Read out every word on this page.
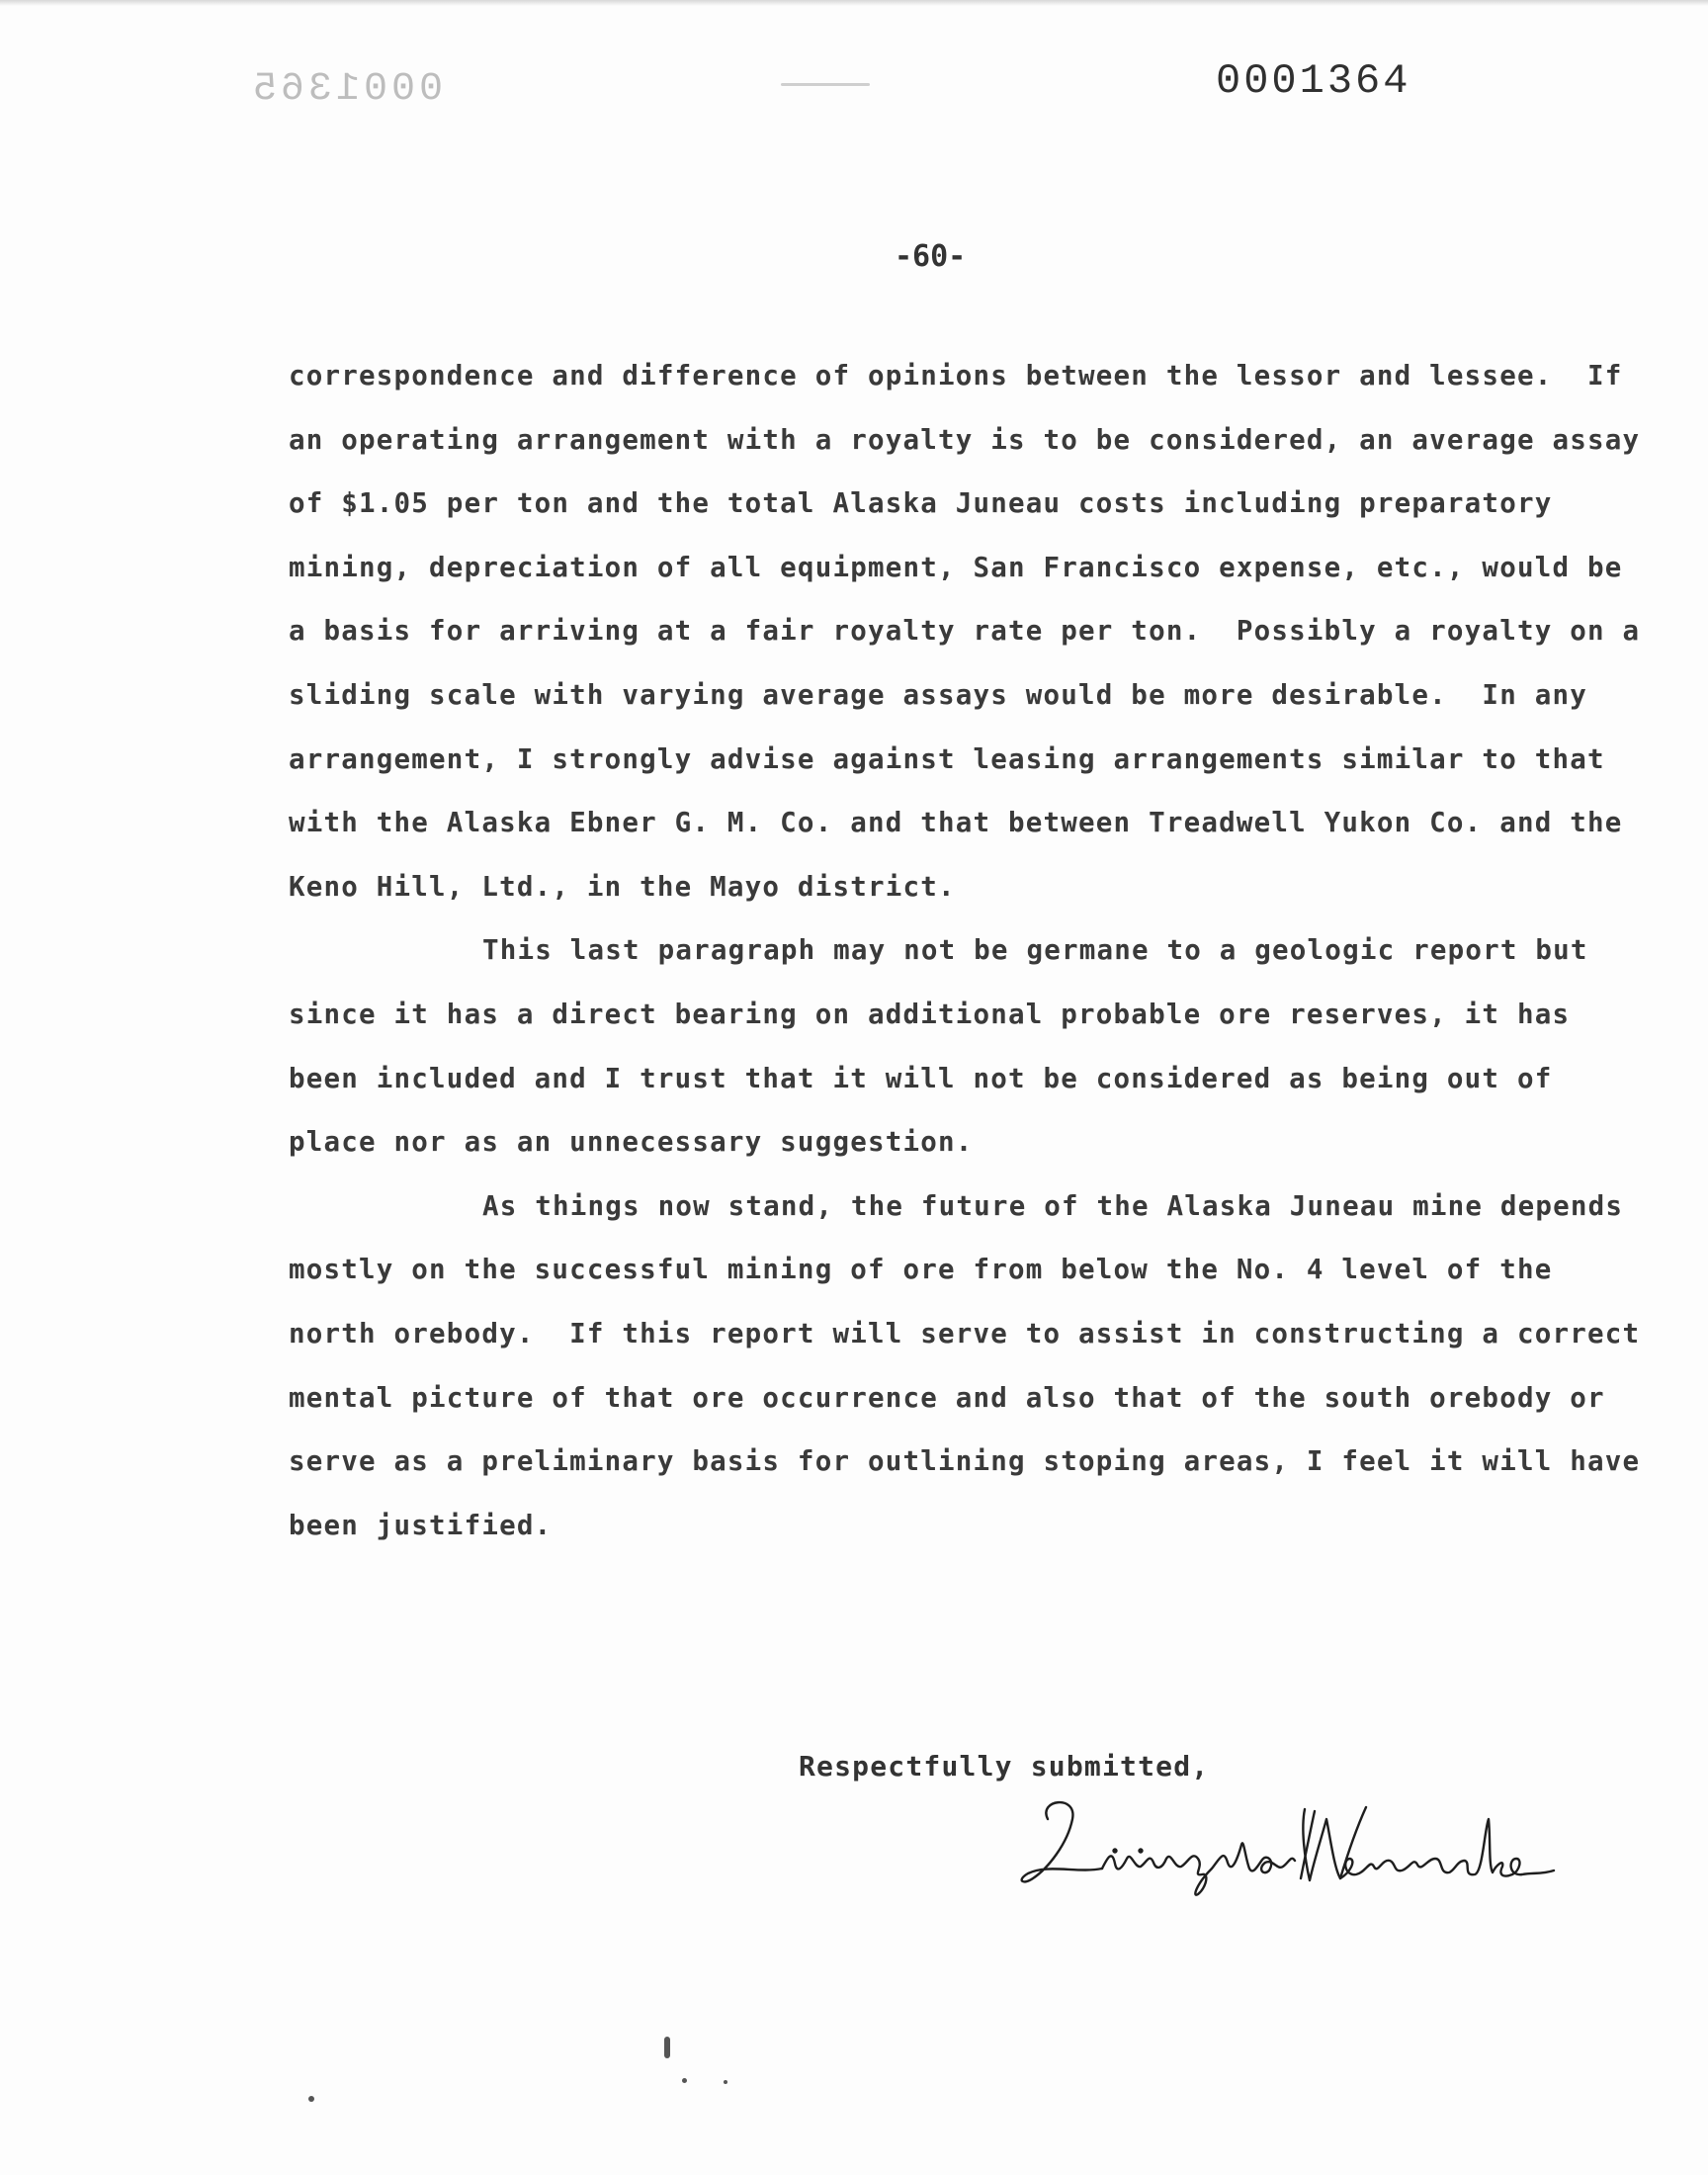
0001365	0001364
-60-

correspondence and difference of opinions between the lessor and lessee.  If an operating arrangement with a royalty is to be considered, an average assay of $1.05 per ton and the total Alaska Juneau costs including preparatory mining, depreciation of all equipment, San Francisco expense, etc., would be a basis for arriving at a fair royalty rate per ton.  Possibly a royalty on a sliding scale with varying average assays would be more desirable.  In any arrangement, I strongly advise against leasing arrangements similar to that with the Alaska Ebner G. M. Co. and that between Treadwell Yukon Co. and the Keno Hill, Ltd., in the Mayo district.

This last paragraph may not be germane to a geologic report but since it has a direct bearing on additional probable ore reserves, it has been included and I trust that it will not be considered as being out of place nor as an unnecessary suggestion.

As things now stand, the future of the Alaska Juneau mine depends mostly on the successful mining of ore from below the No. 4 level of the north orebody.  If this report will serve to assist in constructing a correct mental picture of that ore occurrence and also that of the south orebody or serve as a preliminary basis for outlining stoping areas, I feel it will have been justified.

Respectfully submitted,
